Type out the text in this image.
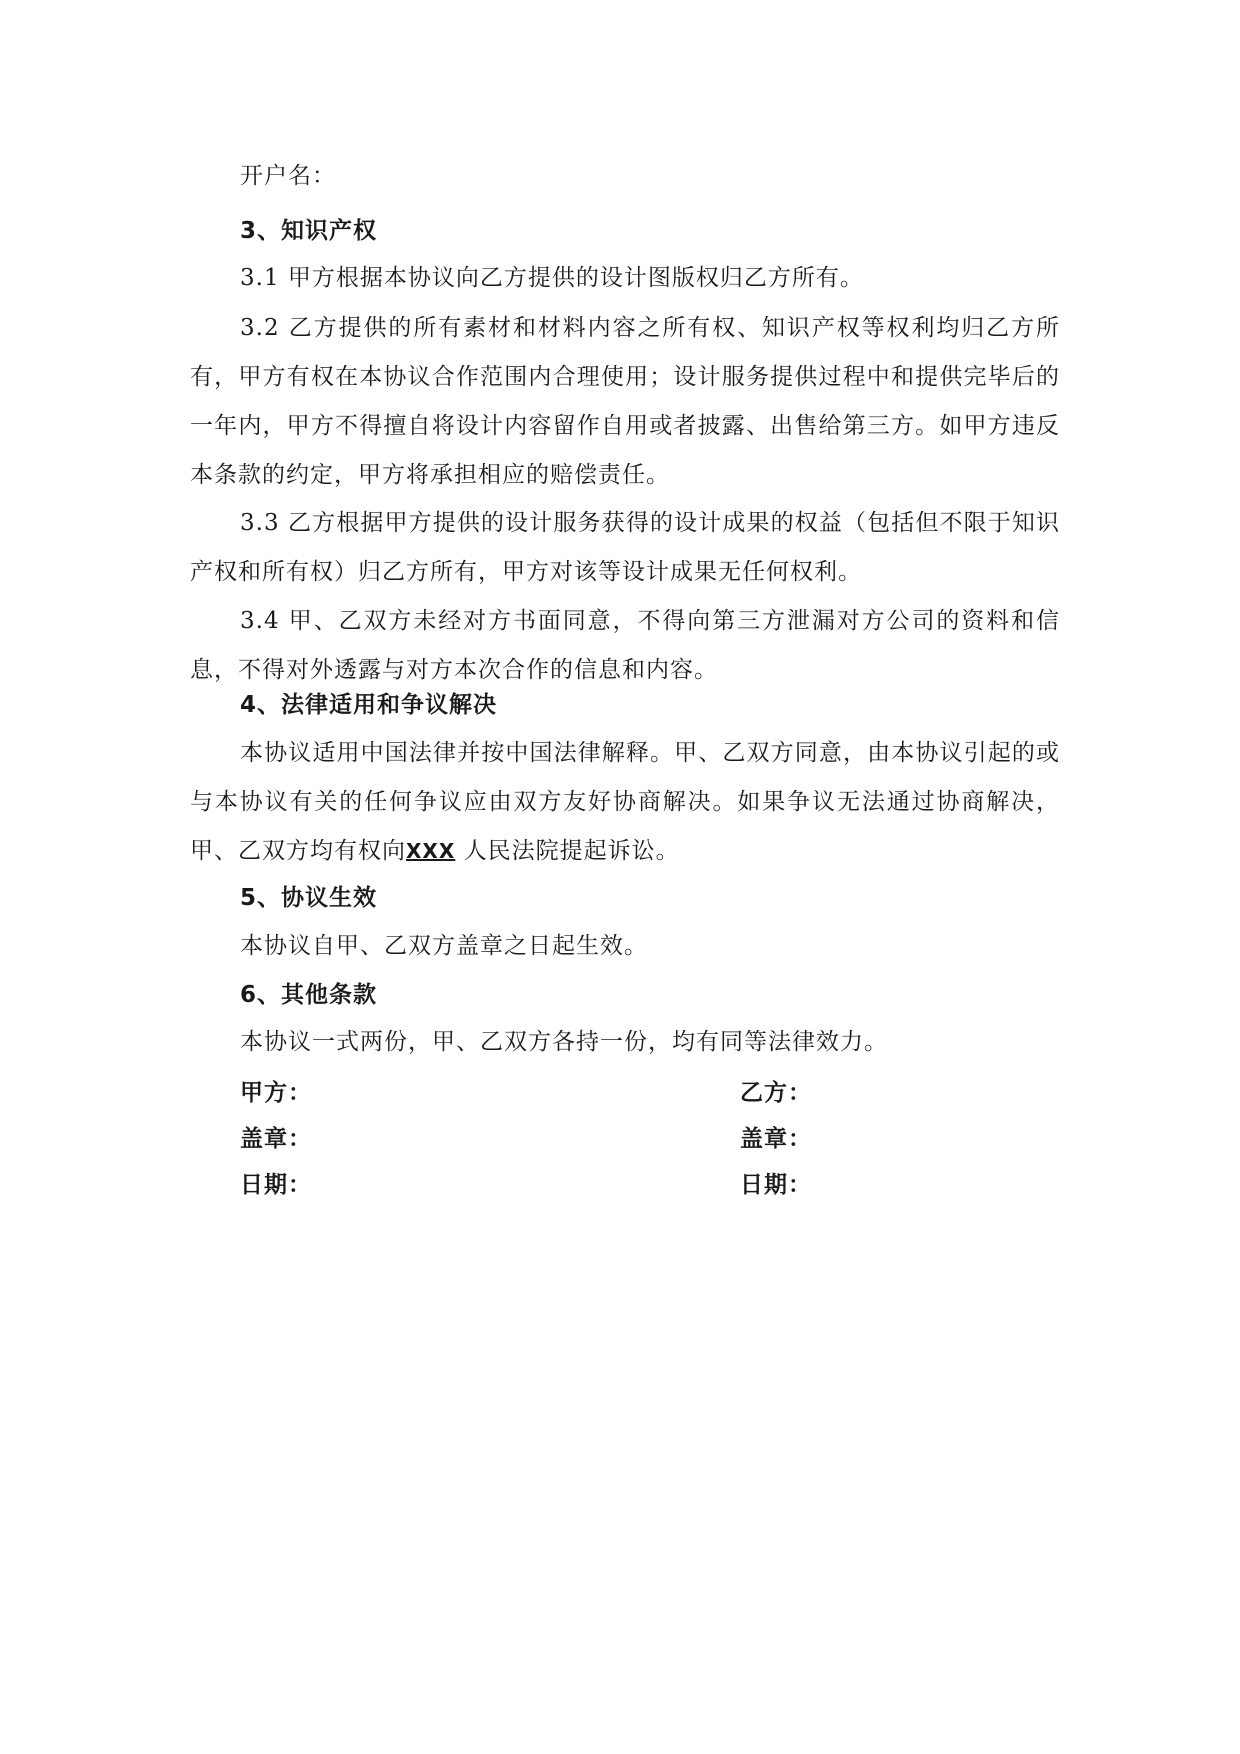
开户名：

3、知识产权

3.1 甲方根据本协议向乙方提供的设计图版权归乙方所有。

3.2 乙方提供的所有素材和材料内容之所有权、知识产权等权利均归乙方所有，甲方有权在本协议合作范围内合理使用；设计服务提供过程中和提供完毕后的一年内，甲方不得擅自将设计内容留作自用或者披露、出售给第三方。如甲方违反本条款的约定，甲方将承担相应的赔偿责任。

3.3 乙方根据甲方提供的设计服务获得的设计成果的权益（包括但不限于知识产权和所有权）归乙方所有，甲方对该等设计成果无任何权利。

3.4 甲、乙双方未经对方书面同意，不得向第三方泄漏对方公司的资料和信息，不得对外透露与对方本次合作的信息和内容。

4、法律适用和争议解决

本协议适用中国法律并按中国法律解释。甲、乙双方同意，由本协议引起的或与本协议有关的任何争议应由双方友好协商解决。如果争议无法通过协商解决，甲、乙双方均有权向XXX 人民法院提起诉讼。

5、协议生效

本协议自甲、乙双方盖章之日起生效。

6、其他条款

本协议一式两份，甲、乙双方各持一份，均有同等法律效力。

甲方：	乙方：
盖章：	盖章：
日期：	日期：
